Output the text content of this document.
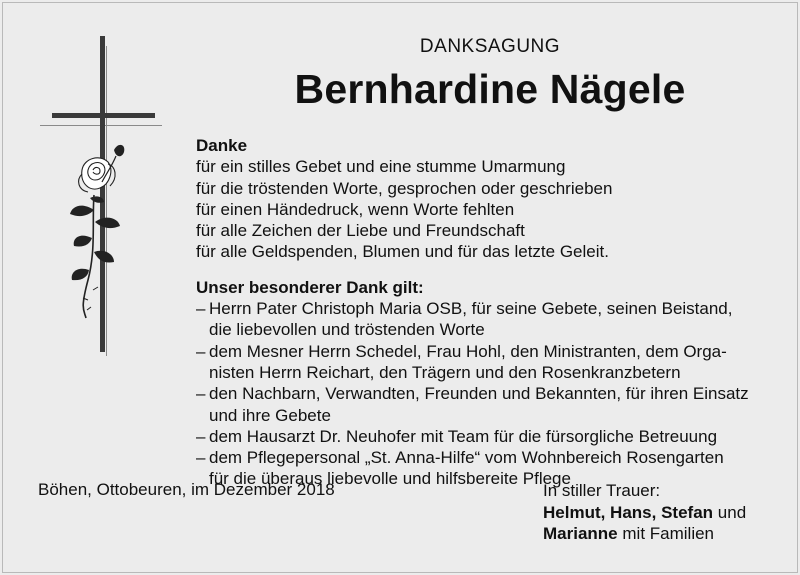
DANKSAGUNG
Bernhardine Nägele
Danke
für ein stilles Gebet und eine stumme Umarmung
für die tröstenden Worte, gesprochen oder geschrieben
für einen Händedruck, wenn Worte fehlten
für alle Zeichen der Liebe und Freundschaft
für alle Geldspenden, Blumen und für das letzte Geleit.
Unser besonderer Dank gilt:
– Herrn Pater Christoph Maria OSB, für seine Gebete, seinen Beistand,
die liebevollen und tröstenden Worte
– dem Mesner Herrn Schedel, Frau Hohl, den Ministranten, dem Orga-
nisten Herrn Reichart, den Trägern und den Rosenkranzbetern
– den Nachbarn, Verwandten, Freunden und Bekannten, für ihren Einsatz
und ihre Gebete
– dem Hausarzt Dr. Neuhofer mit Team für die fürsorgliche Betreuung
– dem Pflegepersonal „St. Anna-Hilfe“ vom Wohnbereich Rosengarten
für die überaus liebevolle und hilfsbereite Pflege
Böhen, Ottobeuren, im Dezember 2018	In stiller Trauer:
Helmut, Hans, Stefan und
Marianne mit Familien
